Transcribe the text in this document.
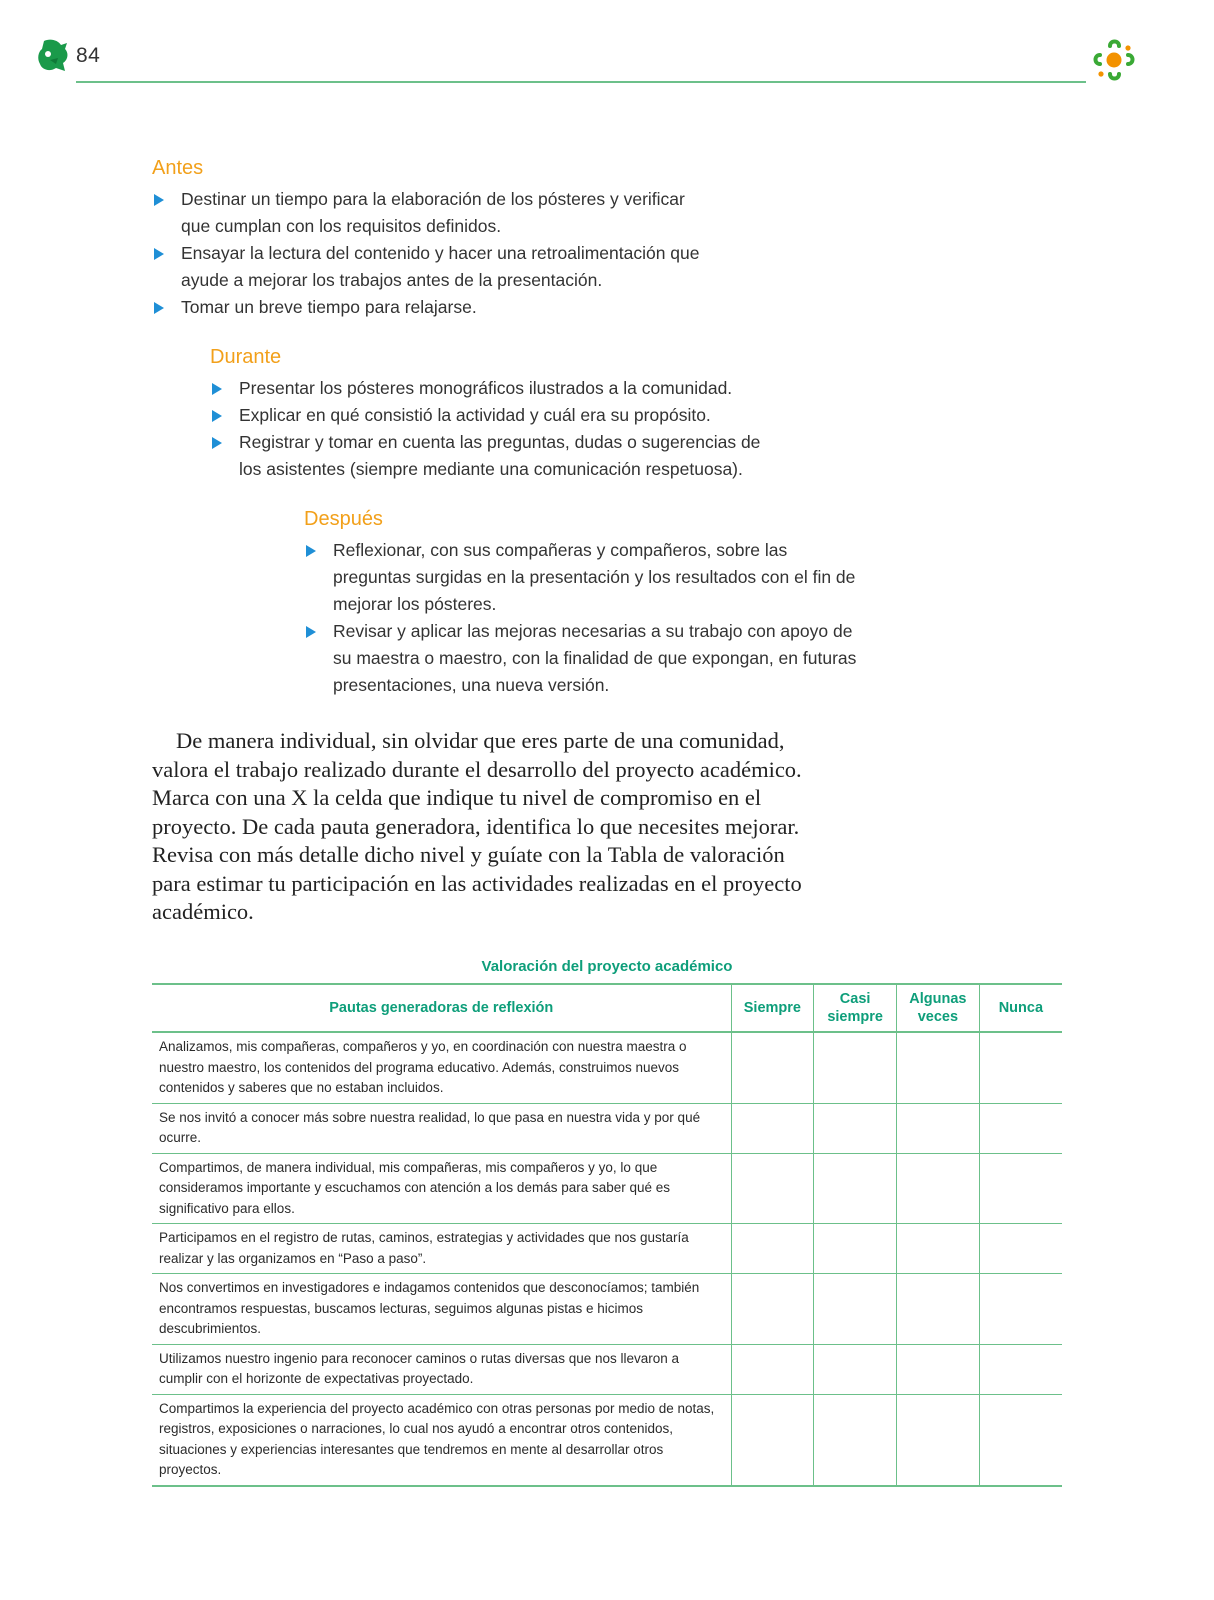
84
Antes
Destinar un tiempo para la elaboración de los pósteres y verificar que cumplan con los requisitos definidos.
Ensayar la lectura del contenido y hacer una retroalimentación que ayude a mejorar los trabajos antes de la presentación.
Tomar un breve tiempo para relajarse.
Durante
Presentar los pósteres monográficos ilustrados a la comunidad.
Explicar en qué consistió la actividad y cuál era su propósito.
Registrar y tomar en cuenta las preguntas, dudas o sugerencias de los asistentes (siempre mediante una comunicación respetuosa).
Después
Reflexionar, con sus compañeras y compañeros, sobre las preguntas surgidas en la presentación y los resultados con el fin de mejorar los pósteres.
Revisar y aplicar las mejoras necesarias a su trabajo con apoyo de su maestra o maestro, con la finalidad de que expongan, en futuras presentaciones, una nueva versión.

De manera individual, sin olvidar que eres parte de una comunidad, valora el trabajo realizado durante el desarrollo del proyecto académico. Marca con una X la celda que indique tu nivel de compromiso en el proyecto. De cada pauta generadora, identifica lo que necesites mejorar. Revisa con más detalle dicho nivel y guíate con la Tabla de valoración para estimar tu participación en las actividades realizadas en el proyecto académico.

Valoración del proyecto académico
Pautas generadoras de reflexión	Siempre	Casi siempre	Algunas veces	Nunca
Analizamos, mis compañeras, compañeros y yo, en coordinación con nuestra maestra o nuestro maestro, los contenidos del programa educativo. Además, construimos nuevos contenidos y saberes que no estaban incluidos.				
Se nos invitó a conocer más sobre nuestra realidad, lo que pasa en nuestra vida y por qué ocurre.				
Compartimos, de manera individual, mis compañeras, mis compañeros y yo, lo que consideramos importante y escuchamos con atención a los demás para saber qué es significativo para ellos.				
Participamos en el registro de rutas, caminos, estrategias y actividades que nos gustaría realizar y las organizamos en “Paso a paso”.				
Nos convertimos en investigadores e indagamos contenidos que desconocíamos; también encontramos respuestas, buscamos lecturas, seguimos algunas pistas e hicimos descubrimientos.				
Utilizamos nuestro ingenio para reconocer caminos o rutas diversas que nos llevaron a cumplir con el horizonte de expectativas proyectado.				
Compartimos la experiencia del proyecto académico con otras personas por medio de notas, registros, exposiciones o narraciones, lo cual nos ayudó a encontrar otros contenidos, situaciones y experiencias interesantes que tendremos en mente al desarrollar otros proyectos.				
